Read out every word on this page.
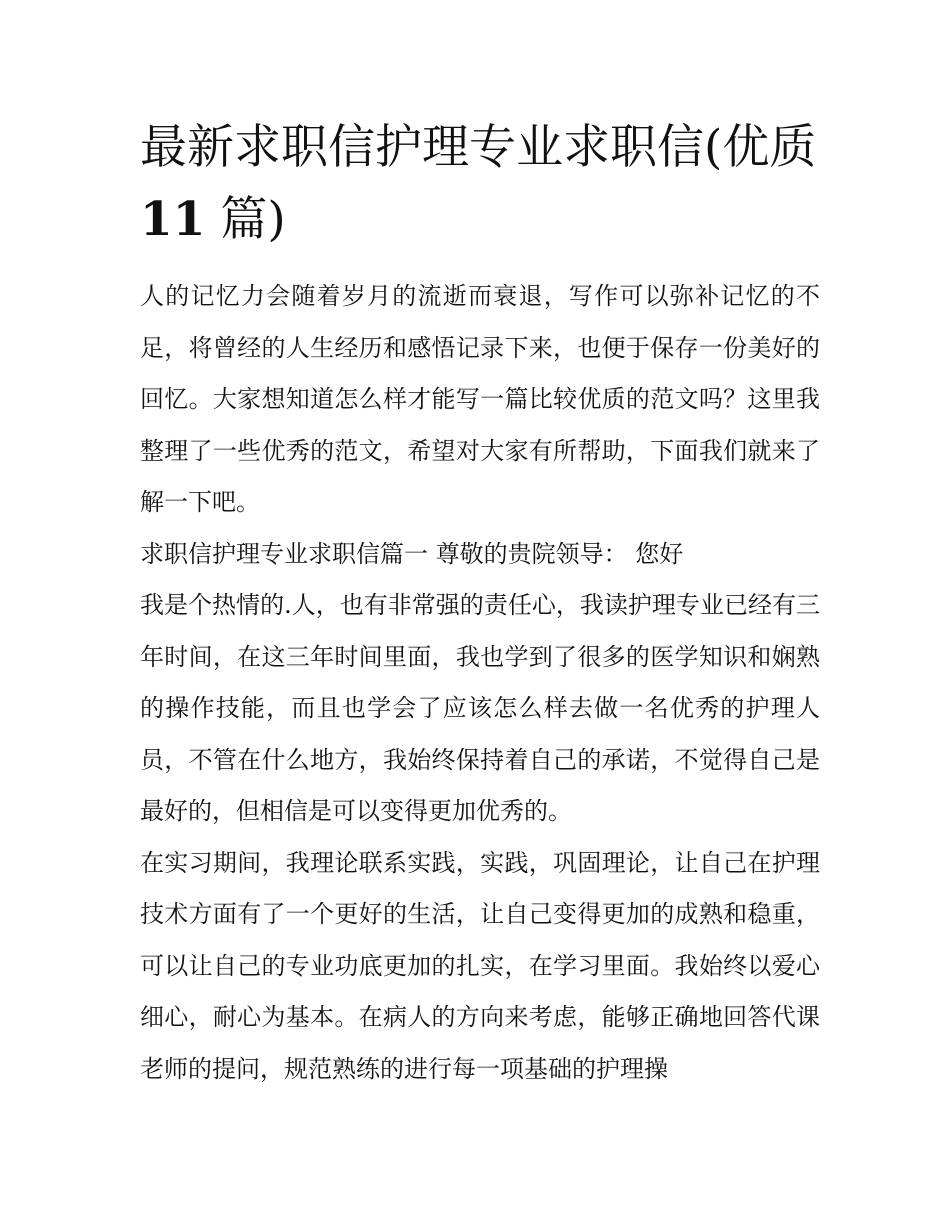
最新求职信护理专业求职信(优质 11 篇)

人的记忆力会随着岁月的流逝而衰退，写作可以弥补记忆的不足，将曾经的人生经历和感悟记录下来，也便于保存一份美好的回忆。大家想知道怎么样才能写一篇比较优质的范文吗？这里我整理了一些优秀的范文，希望对大家有所帮助，下面我们就来了解一下吧。

求职信护理专业求职信篇一 尊敬的贵院领导： 您好

我是个热情的.人，也有非常强的责任心，我读护理专业已经有三年时间，在这三年时间里面，我也学到了很多的医学知识和娴熟的操作技能，而且也学会了应该怎么样去做一名优秀的护理人员，不管在什么地方，我始终保持着自己的承诺，不觉得自己是最好的，但相信是可以变得更加优秀的。

在实习期间，我理论联系实践，实践，巩固理论，让自己在护理技术方面有了一个更好的生活，让自己变得更加的成熟和稳重，可以让自己的专业功底更加的扎实，在学习里面。我始终以爱心细心，耐心为基本。在病人的方向来考虑，能够正确地回答代课老师的提问，规范熟练的进行每一项基础的护理操
